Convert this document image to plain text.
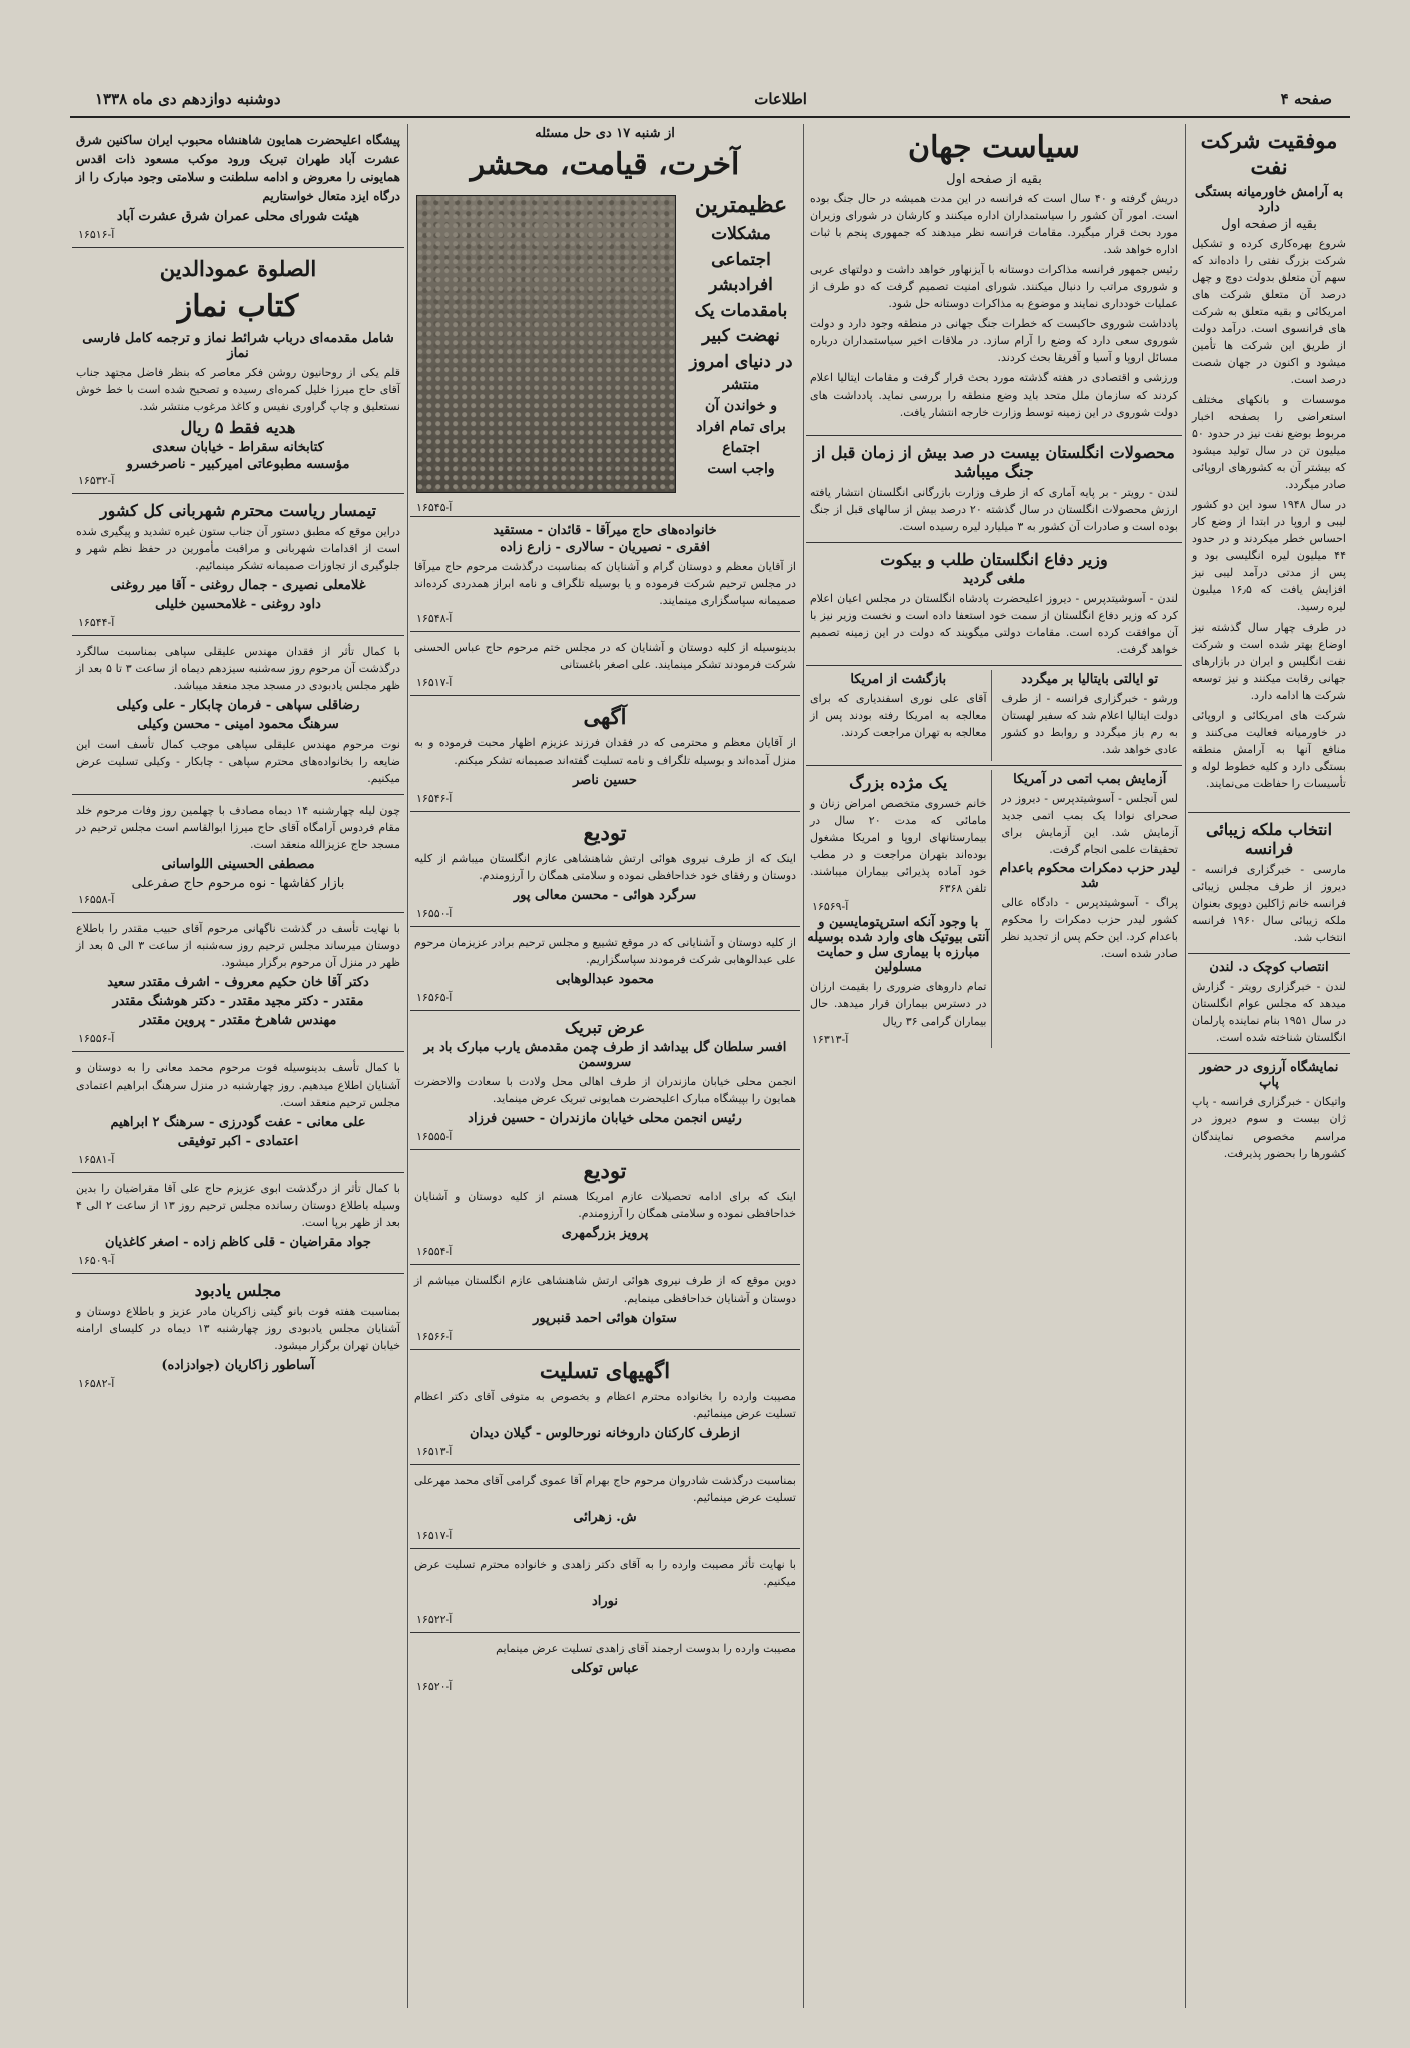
صفحه ۴
اطلاعات
دوشنبه دوازدهم دی ماه ۱۳۳۸
موفقیت شرکت نفت
به آرامش خاورمیانه بستگی دارد
بقیه از صفحه اول
شروع بهره‌کاری کرده و تشکیل شرکت بزرگ نفتی را داده‌اند که سهم آن متعلق بدولت دوچ و چهل درصد آن متعلق شرکت های امریکائی و بقیه متعلق به شرکت های فرانسوی است. درآمد دولت از طریق این شرکت ها تأمین میشود و اکنون در جهان شصت درصد است.
موسسات و بانکهای مختلف استعراضی را بصفحه اخبار مربوط بوضع نفت نیز در حدود ۵۰ میلیون تن در سال تولید میشود که بیشتر آن به کشورهای اروپائی صادر میگردد.
در سال ۱۹۴۸ سود این دو کشور لیبی و اروپا در ابتدا از وضع کار احساس خطر میکردند و در حدود ۴۴ میلیون لیره انگلیسی بود و پس از مدتی درآمد لیبی نیز افزایش یافت که ۱۶٫۵ میلیون لیره رسید.
در طرف چهار سال گذشته نیز اوضاع بهتر شده است و شرکت نفت انگلیس و ایران در بازارهای جهانی رقابت میکنند و نیز توسعه شرکت ها ادامه دارد.
شرکت های امریکائی و اروپائی در خاورمیانه فعالیت می‌کنند و منافع آنها به آرامش منطقه بستگی دارد و کلیه خطوط لوله و تأسیسات را حفاظت می‌نمایند.
انتخاب ملکه زیبائی فرانسه
مارسی - خبرگزاری فرانسه - دیروز از طرف مجلس زیبائی فرانسه خانم ژاکلین دوپوی بعنوان ملکه زیبائی سال ۱۹۶۰ فرانسه انتخاب شد.
انتصاب کوچک د. لندن
لندن - خبرگزاری رویتر - گزارش میدهد که مجلس عوام انگلستان در سال ۱۹۵۱ بنام نماینده پارلمان انگلستان شناخته شده است.
نمایشگاه آرزوی در حضور پاپ
واتیکان - خبرگزاری فرانسه - پاپ ژان بیست و سوم دیروز در مراسم مخصوص نمایندگان کشورها را بحضور پذیرفت.
سیاست جهان
بقیه از صفحه اول
دریش گرفته و ۴۰ سال است که فرانسه در این مدت همیشه در حال جنگ بوده است. امور آن کشور را سیاستمداران اداره میکنند و کارشان در شورای وزیران مورد بحث قرار میگیرد. مقامات فرانسه نظر میدهند که جمهوری پنجم با ثبات اداره خواهد شد.
رئیس جمهور فرانسه مذاکرات دوستانه با آیزنهاور خواهد داشت و دولتهای عربی و شوروی مراتب را دنبال میکنند. شورای امنیت تصمیم گرفت که دو طرف از عملیات خودداری نمایند و موضوع به مذاکرات دوستانه حل شود.
پادداشت شوروی حاکیست که خطرات جنگ جهانی در منطقه وجود دارد و دولت شوروی سعی دارد که وضع را آرام سازد. در ملاقات اخیر سیاستمداران درباره مسائل اروپا و آسیا و آفریقا بحث کردند.
ورزشی و اقتصادی در هفته گذشته مورد بحث قرار گرفت و مقامات ایتالیا اعلام کردند که سازمان ملل متحد باید وضع منطقه را بررسی نماید. پادداشت های دولت شوروی در این زمینه توسط وزارت خارجه انتشار یافت.
محصولات انگلستان بیست در صد بیش از زمان قبل از جنگ میباشد
لندن - رویتر - بر پایه آماری که از طرف وزارت بازرگانی انگلستان انتشار یافته ارزش محصولات انگلستان در سال گذشته ۲۰ درصد بیش از سالهای قبل از جنگ بوده است و صادرات آن کشور به ۳ میلیارد لیره رسیده است.
وزیر دفاع انگلستان طلب و بیکوت
ملغی گردید
لندن - آسوشیتدپرس - دیروز اعلیحضرت پادشاه انگلستان در مجلس اعیان اعلام کرد که وزیر دفاع انگلستان از سمت خود استعفا داده است و نخست وزیر نیز با آن موافقت کرده است. مقامات دولتی میگویند که دولت در این زمینه تصمیم خواهد گرفت.
تو ایالتی بایتالیا بر میگردد
ورشو - خبرگزاری فرانسه - از طرف دولت ایتالیا اعلام شد که سفیر لهستان به رم باز میگردد و روابط دو کشور عادی خواهد شد.
بازگشت از امریکا
آقای علی نوری اسفندیاری که برای معالجه به امریکا رفته بودند پس از معالجه به تهران مراجعت کردند.
آزمایش بمب اتمی در آمریکا
لس آنجلس - آسوشیتدپرس - دیروز در صحرای نوادا یک بمب اتمی جدید آزمایش شد. این آزمایش برای تحقیقات علمی انجام گرفت.
لیدر حزب دمکرات محکوم باعدام شد
پراگ - آسوشیتدپرس - دادگاه عالی کشور لیدر حزب دمکرات را محکوم باعدام کرد. این حکم پس از تجدید نظر صادر شده است.
یک مژده بزرگ
خانم خسروی متخصص امراض زنان و مامائی که مدت ۲۰ سال در بیمارستانهای اروپا و امریکا مشغول بوده‌اند بتهران مراجعت و در مطب خود آماده پذیرائی بیماران میباشند. تلفن ۶۳۶۸
آ-۱۶۵۶۹
با وجود آنکه استرپتومایسین و آنتی بیوتیک های وارد شده بوسیله مبارزه با بیماری سل و حمایت مسلولین
تمام داروهای ضروری را بقیمت ارزان در دسترس بیماران قرار میدهد. حال بیماران گرامی ۳۶ ریال
آ-۱۶۳۱۳
از شنبه ۱۷ دی حل مسئله
آخرت، قیامت، محشر
عظیمترین
مشکلات
اجتماعی
افرادبشر
بامقدمات یک
نهضت کبیر
در دنیای امروز
منتشر
و خواندن آن
برای تمام افراد
اجتماع
واجب است
آ-۱۶۵۴۵
خانواده‌های حاج میرآقا - قائدان - مستقید
افقری - نصیریان - سالاری - زارع زاده
از آقایان معظم و دوستان گرام و آشنایان که بمناسبت درگذشت مرحوم حاج میرآقا در مجلس ترحیم شرکت فرموده و یا بوسیله تلگراف و نامه ابراز همدردی کرده‌اند صمیمانه سپاسگزاری مینمایند.
آ-۱۶۵۴۸
بدینوسیله از کلیه دوستان و آشنایان که در مجلس ختم مرحوم حاج عباس الحسنی شرکت فرمودند تشکر مینمایند. علی اصغر باغستانی
آ-۱۶۵۱۷
آگهی
از آقایان معظم و محترمی که در فقدان فرزند عزیزم اظهار محبت فرموده و به منزل آمده‌اند و بوسیله تلگراف و نامه تسلیت گفته‌اند صمیمانه تشکر میکنم.
حسین ناصر
آ-۱۶۵۴۶
تودیع
اینک که از طرف نیروی هوائی ارتش شاهنشاهی عازم انگلستان میباشم از کلیه دوستان و رفقای خود خداحافظی نموده و سلامتی همگان را آرزومندم.
سرگرد هوائی - محسن معالی پور
آ-۱۶۵۵۰
از کلیه دوستان و آشنایانی که در موقع تشییع و مجلس ترحیم برادر عزیزمان مرحوم علی عبدالوهابی شرکت فرمودند سپاسگزاریم.
محمود عبدالوهابی
آ-۱۶۵۶۵
عرض تبریک
افسر سلطان گل بیداشد از طرف چمن مقدمش یارب مبارک باد بر سروسمن
انجمن محلی خیابان مازندران از طرف اهالی محل ولادت با سعادت والاحضرت همایون را بپیشگاه مبارک اعلیحضرت همایونی تبریک عرض مینماید.
رئیس انجمن محلی خیابان مازندران - حسین فرزاد
آ-۱۶۵۵۵
تودیع
اینک که برای ادامه تحصیلات عازم امریکا هستم از کلیه دوستان و آشنایان خداحافظی نموده و سلامتی همگان را آرزومندم.
پرویز بزرگمهری
آ-۱۶۵۵۴
دوین موقع که از طرف نیروی هوائی ارتش شاهنشاهی عازم انگلستان میباشم از دوستان و آشنایان خداحافظی مینمایم.
ستوان هوائی احمد قنبرپور
آ-۱۶۵۶۶
اگهیهای تسلیت
مصیبت وارده را بخانواده محترم اعظام و بخصوص به متوفی آقای دکتر اعظام تسلیت عرض مینمائیم.
ازطرف کارکنان داروخانه نورحالوس - گیلان دیدان
آ-۱۶۵۱۳
بمناسبت درگذشت شادروان مرحوم حاج بهرام آقا عموی گرامی آقای محمد مهرعلی تسلیت عرض مینمائیم.
ش. زهرائی
آ-۱۶۵۱۷
با نهایت تأثر مصیبت وارده را به آقای دکتر زاهدی و خانواده محترم تسلیت عرض میکنیم.
نوراد
آ-۱۶۵۲۲
مصیبت وارده را بدوست ارجمند آقای زاهدی تسلیت عرض مینمایم
عباس توکلی
آ-۱۶۵۲۰
پیشگاه اعلیحضرت همایون شاهنشاه محبوب ایران ساکنین شرق عشرت آباد طهران تبریک ورود موکب مسعود ذات اقدس همایونی را معروض و ادامه سلطنت و سلامتی وجود مبارک را از درگاه ایزد متعال خواستاریم
هیئت شورای محلی عمران شرق عشرت آباد
آ-۱۶۵۱۶
الصلوة عمودالدین
کتاب نماز
شامل مقدمه‌ای درباب شرائط نماز و ترجمه کامل فارسی نماز
قلم یکی از روحانیون روشن فکر معاصر که بنظر فاضل مجتهد جناب آقای حاج میرزا خلیل کمره‌ای رسیده و تصحیح شده است با خط خوش نستعلیق و چاپ گراوری نفیس و کاغذ مرغوب منتشر شد.
هدیه فقط ۵ ریال
کتابخانه سقراط - خیابان سعدی
مؤسسه مطبوعاتی امیرکبیر - ناصرخسرو
آ-۱۶۵۳۲
تیمسار ریاست محترم شهربانی کل کشور
دراین موقع که مطبق دستور آن جناب ستون غیره تشدید و پیگیری شده است از اقدامات شهربانی و مراقبت مأمورین در حفظ نظم شهر و جلوگیری از تجاوزات صمیمانه تشکر مینمائیم.
غلامعلی نصیری - جمال روغنی - آقا میر روغنی
داود روغنی - غلامحسین خلیلی
آ-۱۶۵۴۴
با کمال تأثر از فقدان مهندس علیقلی سپاهی بمناسبت سالگرد درگذشت آن مرحوم روز سه‌شنبه سیزدهم دیماه از ساعت ۳ تا ۵ بعد از ظهر مجلس یادبودی در مسجد مجد منعقد میباشد.
رضاقلی سپاهی - فرمان چابکار - علی وکیلی
سرهنگ محمود امینی - محسن وکیلی
نوت مرحوم مهندس علیقلی سپاهی موجب کمال تأسف است این ضایعه را بخانواده‌های محترم سپاهی - چابکار - وکیلی تسلیت عرض میکنیم.
چون لیله چهارشنبه ۱۴ دیماه مصادف با چهلمین روز وفات مرحوم خلد مقام فردوس آرامگاه آقای حاج میرزا ابوالقاسم است مجلس ترحیم در مسجد حاج عزیزالله منعقد است.
مصطفی الحسینی اللواسانی
بازار کفاشها - نوه مرحوم حاج صفرعلی
آ-۱۶۵۵۸
با نهایت تأسف در گذشت ناگهانی مرحوم آقای حبیب مقتدر را باطلاع دوستان میرساند مجلس ترحیم روز سه‌شنبه از ساعت ۳ الی ۵ بعد از ظهر در منزل آن مرحوم برگزار میشود.
دکتر آقا خان حکیم معروف - اشرف مقتدر سعید
مقتدر - دکتر مجید مقتدر - دکتر هوشنگ مقتدر
مهندس شاهرخ مقتدر - پروین مقتدر
آ-۱۶۵۵۶
با کمال تأسف بدینوسیله فوت مرحوم محمد معانی را به دوستان و آشنایان اطلاع میدهیم. روز چهارشنبه در منزل سرهنگ ابراهیم اعتمادی مجلس ترحیم منعقد است.
علی معانی - عفت گودرزی - سرهنگ ۲ ابراهیم
اعتمادی - اکبر توفیقی
آ-۱۶۵۸۱
با کمال تأثر از درگذشت ابوی عزیزم حاج علی آقا مقراضیان را بدین وسیله باطلاع دوستان رسانده مجلس ترحیم روز ۱۳ از ساعت ۲ الی ۴ بعد از ظهر برپا است.
جواد مقراضیان - قلی کاظم زاده - اصغر کاغذیان
آ-۱۶۵۰۹
مجلس یادبود
بمناسبت هفته فوت بانو گیتی زاکریان مادر عزیز و باطلاع دوستان و آشنایان مجلس یادبودی روز چهارشنبه ۱۳ دیماه در کلیسای ارامنه خیابان تهران برگزار میشود.
آساطور زاکاریان (جوادزاده)
آ-۱۶۵۸۲
